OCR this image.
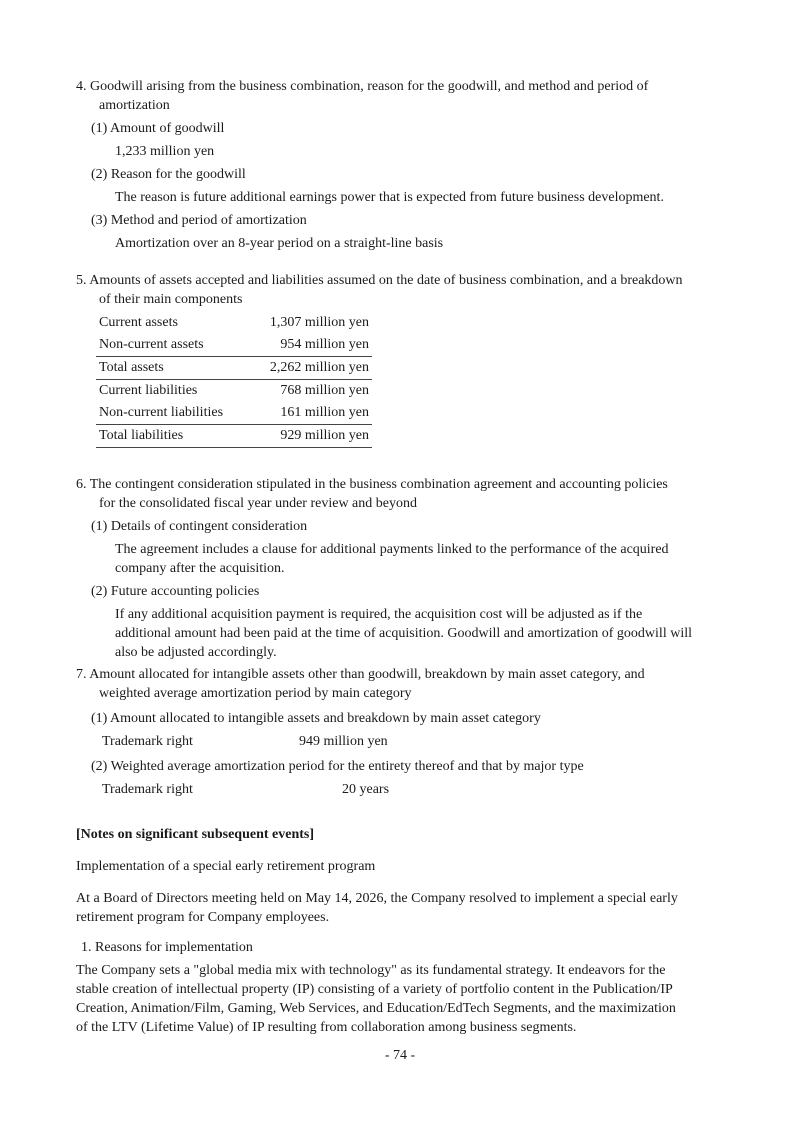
4. Goodwill arising from the business combination, reason for the goodwill, and method and period of
amortization
(1) Amount of goodwill
1,233 million yen
(2) Reason for the goodwill
The reason is future additional earnings power that is expected from future business development.
(3) Method and period of amortization
Amortization over an 8-year period on a straight-line basis
5. Amounts of assets accepted and liabilities assumed on the date of business combination, and a breakdown
of their main components
Current assets	1,307 million yen
Non-current assets	954 million yen
Total assets	2,262 million yen
Current liabilities	768 million yen
Non-current liabilities	161 million yen
Total liabilities	929 million yen
6. The contingent consideration stipulated in the business combination agreement and accounting policies
for the consolidated fiscal year under review and beyond
(1) Details of contingent consideration
The agreement includes a clause for additional payments linked to the performance of the acquired
company after the acquisition.
(2) Future accounting policies
If any additional acquisition payment is required, the acquisition cost will be adjusted as if the
additional amount had been paid at the time of acquisition. Goodwill and amortization of goodwill will
also be adjusted accordingly.
7. Amount allocated for intangible assets other than goodwill, breakdown by main asset category, and
weighted average amortization period by main category
(1) Amount allocated to intangible assets and breakdown by main asset category
Trademark right	949 million yen
(2) Weighted average amortization period for the entirety thereof and that by major type
Trademark right	20 years
[Notes on significant subsequent events]
Implementation of a special early retirement program
At a Board of Directors meeting held on May 14, 2026, the Company resolved to implement a special early
retirement program for Company employees.
1. Reasons for implementation
The Company sets a "global media mix with technology" as its fundamental strategy. It endeavors for the
stable creation of intellectual property (IP) consisting of a variety of portfolio content in the Publication/IP
Creation, Animation/Film, Gaming, Web Services, and Education/EdTech Segments, and the maximization
of the LTV (Lifetime Value) of IP resulting from collaboration among business segments.
- 74 -
